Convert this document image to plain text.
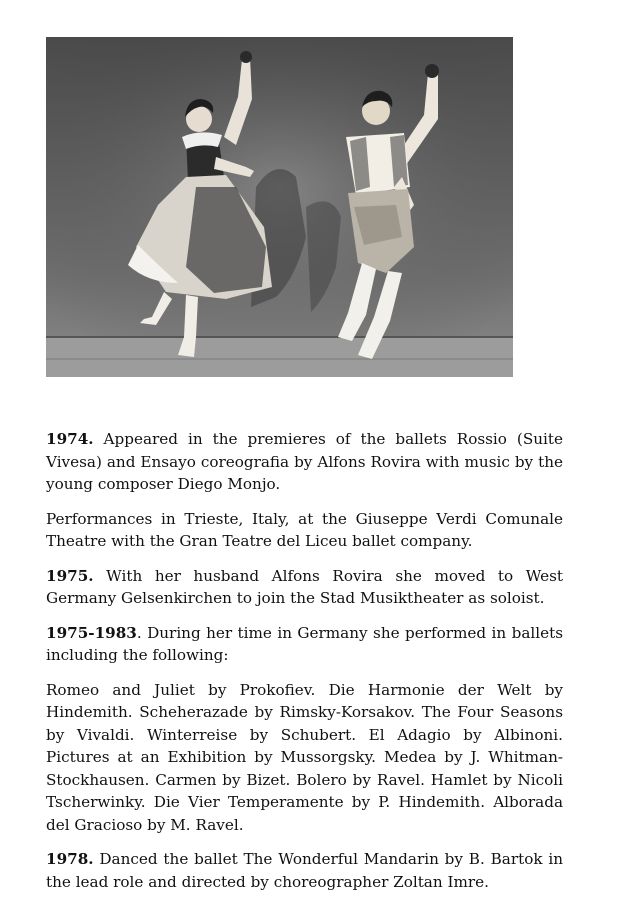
1974. Appeared in the premieres of the ballets Rossio (Suite Vivesa) and Ensayo coreografia by Alfons Rovira with music by the young composer Diego Monjo.

Performances in Trieste, Italy, at the Giuseppe Verdi Comunale Theatre with the Gran Teatre del Liceu ballet company.

1975. With her husband Alfons Rovira she moved to West Germany Gelsenkirchen to join the Stad Musiktheater as soloist.

1975-1983. During her time in Germany she performed in ballets including the following:

Romeo and Juliet by Prokofiev. Die Harmonie der Welt by Hindemith. Scheherazade by Rimsky-Korsakov. The Four Seasons by Vivaldi. Winterreise by Schubert. El Adagio by Albinoni. Pictures at an Exhibition by Mussorgsky. Medea by J. Whitman-Stockhausen. Carmen by Bizet. Bolero by Ravel. Hamlet by Nicoli Tscherwinky. Die Vier Temperamente by P. Hindemith. Alborada del Gracioso by M. Ravel.

1978. Danced the ballet The Wonderful Mandarin by B. Bartok in the lead role and directed by choreographer Zoltan Imre.
